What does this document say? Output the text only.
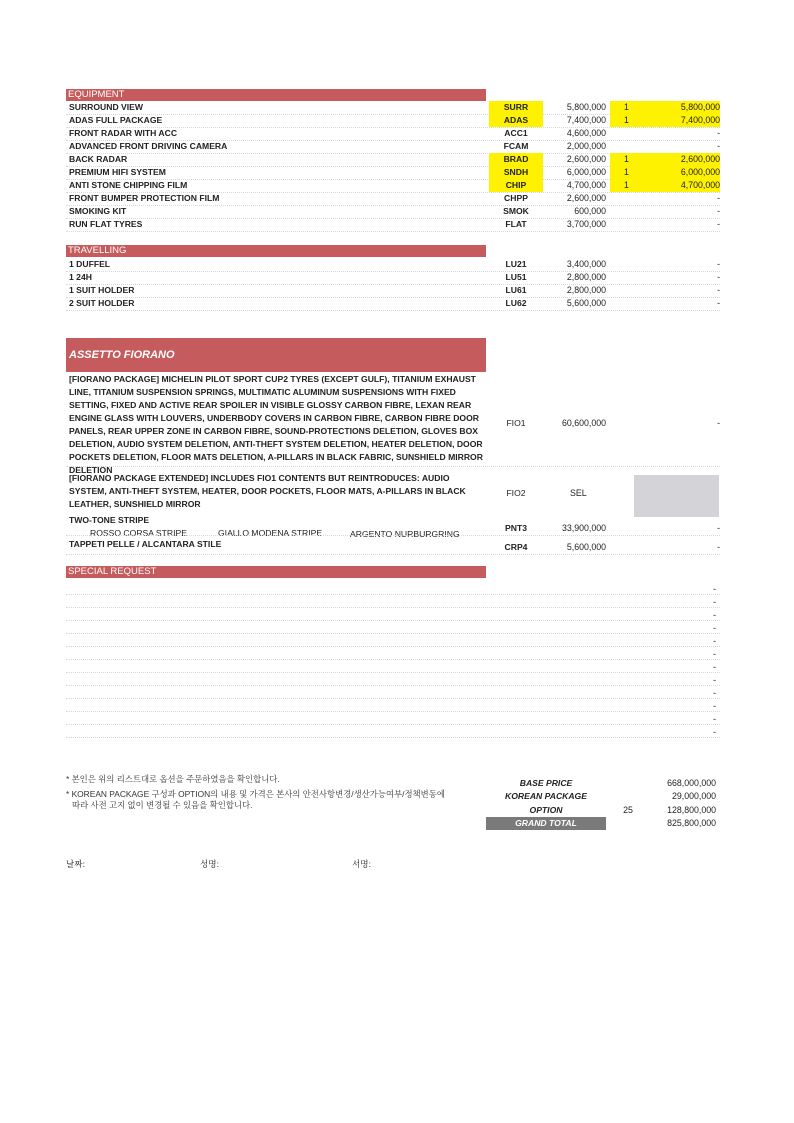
EQUIPMENT
SURROUND VIEW	SURR	5,800,000	1	5,800,000
ADAS FULL PACKAGE	ADAS	7,400,000	1	7,400,000
FRONT RADAR WITH ACC	ACC1	4,600,000	-
ADVANCED FRONT DRIVING CAMERA	FCAM	2,000,000	-
BACK RADAR	BRAD	2,600,000	1	2,600,000
PREMIUM HIFI SYSTEM	SNDH	6,000,000	1	6,000,000
ANTI STONE CHIPPING FILM	CHIP	4,700,000	1	4,700,000
FRONT BUMPER PROTECTION FILM	CHPP	2,600,000	-
SMOKING KIT	SMOK	600,000	-
RUN FLAT TYRES	FLAT	3,700,000	-
TRAVELLING
1 DUFFEL	LU21	3,400,000	-
1 24H	LU51	2,800,000	-
1 SUIT HOLDER	LU61	2,800,000	-
2 SUIT HOLDER	LU62	5,600,000	-
ASSETTO FIORANO
[FIORANO PACKAGE] MICHELIN PILOT SPORT CUP2 TYRES (EXCEPT GULF), TITANIUM EXHAUST LINE, TITANIUM SUSPENSION SPRINGS, MULTIMATIC ALUMINUM SUSPENSIONS WITH FIXED SETTING, FIXED AND ACTIVE REAR SPOILER IN VISIBLE GLOSSY CARBON FIBRE, LEXAN REAR ENGINE GLASS WITH LOUVERS, UNDERBODY COVERS IN CARBON FIBRE, CARBON FIBRE DOOR PANELS, REAR UPPER ZONE IN CARBON FIBRE, SOUND-PROTECTIONS DELETION, GLOVES BOX DELETION, AUDIO SYSTEM DELETION, ANTI-THEFT SYSTEM DELETION, HEATER DELETION, DOOR POCKETS DELETION, FLOOR MATS DELETION, A-PILLARS IN BLACK FABRIC, SUNSHIELD MIRROR DELETION
FIO1	60,600,000	-
[FIORANO PACKAGE EXTENDED] INCLUDES FIO1 CONTENTS BUT REINTRODUCES: AUDIO SYSTEM, ANTI-THEFT SYSTEM, HEATER, DOOR POCKETS, FLOOR MATS, A-PILLARS IN BLACK LEATHER, SUNSHIELD MIRROR
FIO2	SEL
TWO-TONE STRIPE
ROSSO CORSA STRIPE	GIALLO MODENA STRIPE	ARGENTO NURBURGRING
PNT3	33,900,000	-
TAPPETI PELLE / ALCANTARA STILE	CRP4	5,600,000	-
SPECIAL REQUEST
-
-
-
-
-
-
-
-
-
-
-
-
* 본인은 위의 리스트대로 옵션을 주문하였음을 확인합니다.
* KOREAN PACKAGE 구성과 OPTION의 내용 및 가격은 본사의 안전사항변경/생산가능여부/정책변동에
따라 사전 고지 없이 변경될 수 있음을 확인합니다.
BASE PRICE	668,000,000
KOREAN PACKAGE	29,000,000
OPTION	25	128,800,000
GRAND TOTAL	825,800,000
날짜:	성명:	서명:
